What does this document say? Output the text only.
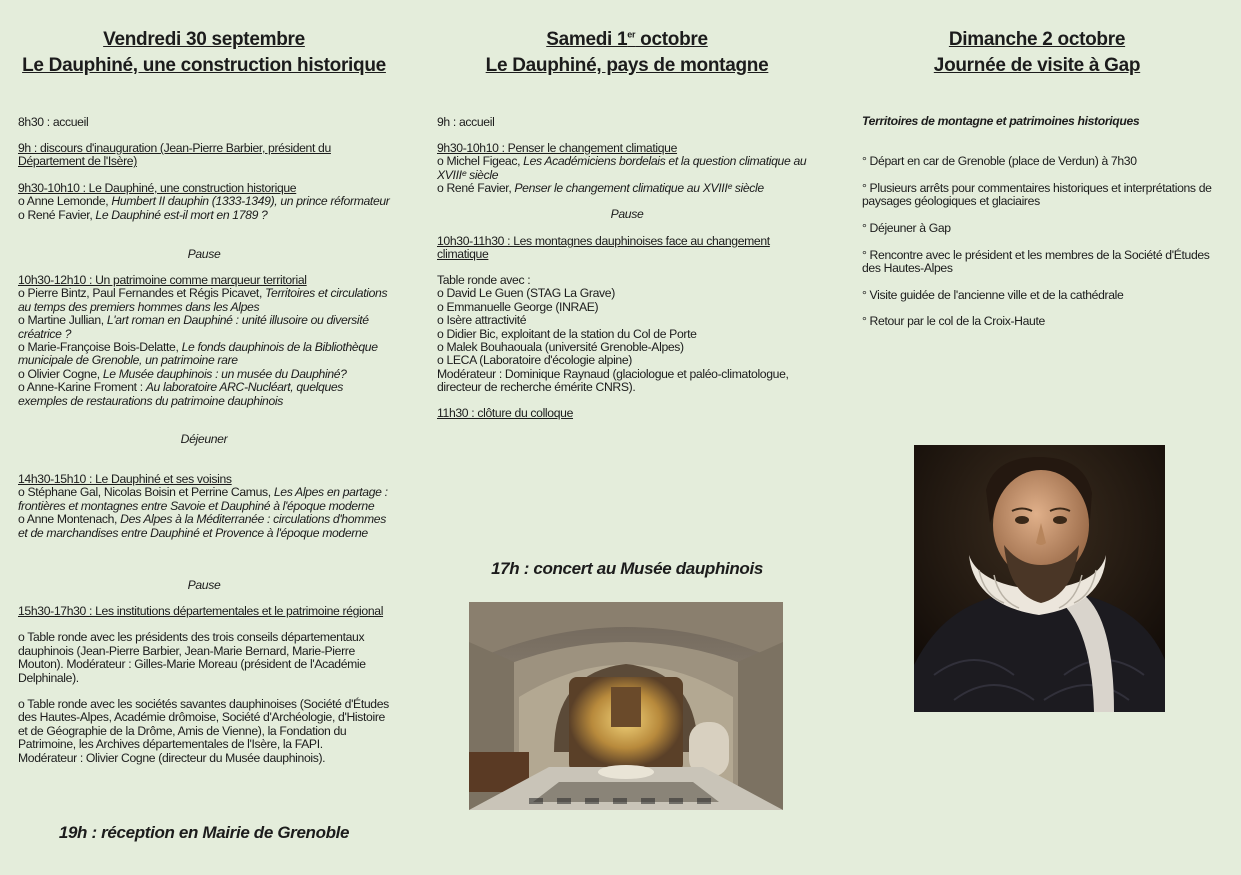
Vendredi 30 septembre
Le Dauphiné, une construction historique
8h30 : accueil
9h : discours d'inauguration (Jean-Pierre Barbier, président du Département de l'Isère)
9h30-10h10 : Le Dauphiné, une construction historique
o Anne Lemonde, Humbert II dauphin (1333-1349), un prince réformateur
o René Favier, Le Dauphiné est-il mort en 1789 ?
Pause
10h30-12h10 : Un patrimoine comme marqueur territorial
o Pierre Bintz, Paul Fernandes et Régis Picavet, Territoires et circulations au temps des premiers hommes dans les Alpes
o Martine Jullian, L'art roman en Dauphiné : unité illusoire ou diversité créatrice ?
o Marie-Françoise Bois-Delatte, Le fonds dauphinois de la Bibliothèque municipale de Grenoble, un patrimoine rare
o Olivier Cogne, Le Musée dauphinois : un musée du Dauphiné?
o Anne-Karine Froment : Au laboratoire ARC-Nucléart, quelques exemples de restaurations du patrimoine dauphinois
Déjeuner
14h30-15h10 : Le Dauphiné et ses voisins
o Stéphane Gal, Nicolas Boisin et Perrine Camus, Les Alpes en partage : frontières et montagnes entre Savoie et Dauphiné à l'époque moderne
o Anne Montenach, Des Alpes à la Méditerranée : circulations d'hommes et de marchandises entre Dauphiné et Provence à l'époque moderne
Pause
15h30-17h30 : Les institutions départementales et le patrimoine régional
o Table ronde avec les présidents des trois conseils départementaux dauphinois (Jean-Pierre Barbier, Jean-Marie Bernard, Marie-Pierre Mouton). Modérateur : Gilles-Marie Moreau (président de l'Académie Delphinale).
o Table ronde avec les sociétés savantes dauphinoises (Société d'Études des Hautes-Alpes, Académie drômoise, Société d'Archéologie, d'Histoire et de Géographie de la Drôme, Amis de Vienne), la Fondation du Patrimoine, les Archives départementales de l'Isère, la FAPI.
Modérateur : Olivier Cogne (directeur du Musée dauphinois).
19h : réception en Mairie de Grenoble
Samedi 1er octobre
Le Dauphiné, pays de montagne
9h : accueil
9h30-10h10 : Penser le changement climatique
o Michel Figeac, Les Académiciens bordelais et la question climatique au XVIIIᵉ siècle
o René Favier, Penser le changement climatique au XVIIIᵉ siècle
Pause
10h30-11h30 : Les montagnes dauphinoises face au changement climatique
Table ronde avec :
o David Le Guen (STAG La Grave)
o Emmanuelle George (INRAE)
o Isère attractivité
o Didier Bic, exploitant de la station du Col de Porte
o Malek Bouhaouala (université Grenoble-Alpes)
o LECA (Laboratoire d'écologie alpine)
Modérateur : Dominique Raynaud (glaciologue et paléo-climatologue, directeur de recherche émérite CNRS).
11h30 : clôture du colloque
17h : concert au Musée dauphinois
Dimanche 2 octobre
Journée de visite à Gap
Territoires de montagne et patrimoines historiques
° Départ en car de Grenoble (place de Verdun) à 7h30
° Plusieurs arrêts pour commentaires historiques et interprétations de paysages géologiques et glaciaires
° Déjeuner à Gap
° Rencontre avec le président et les membres de la Société d'Études des Hautes-Alpes
° Visite guidée de l'ancienne ville et de la cathédrale
° Retour par le col de la Croix-Haute
